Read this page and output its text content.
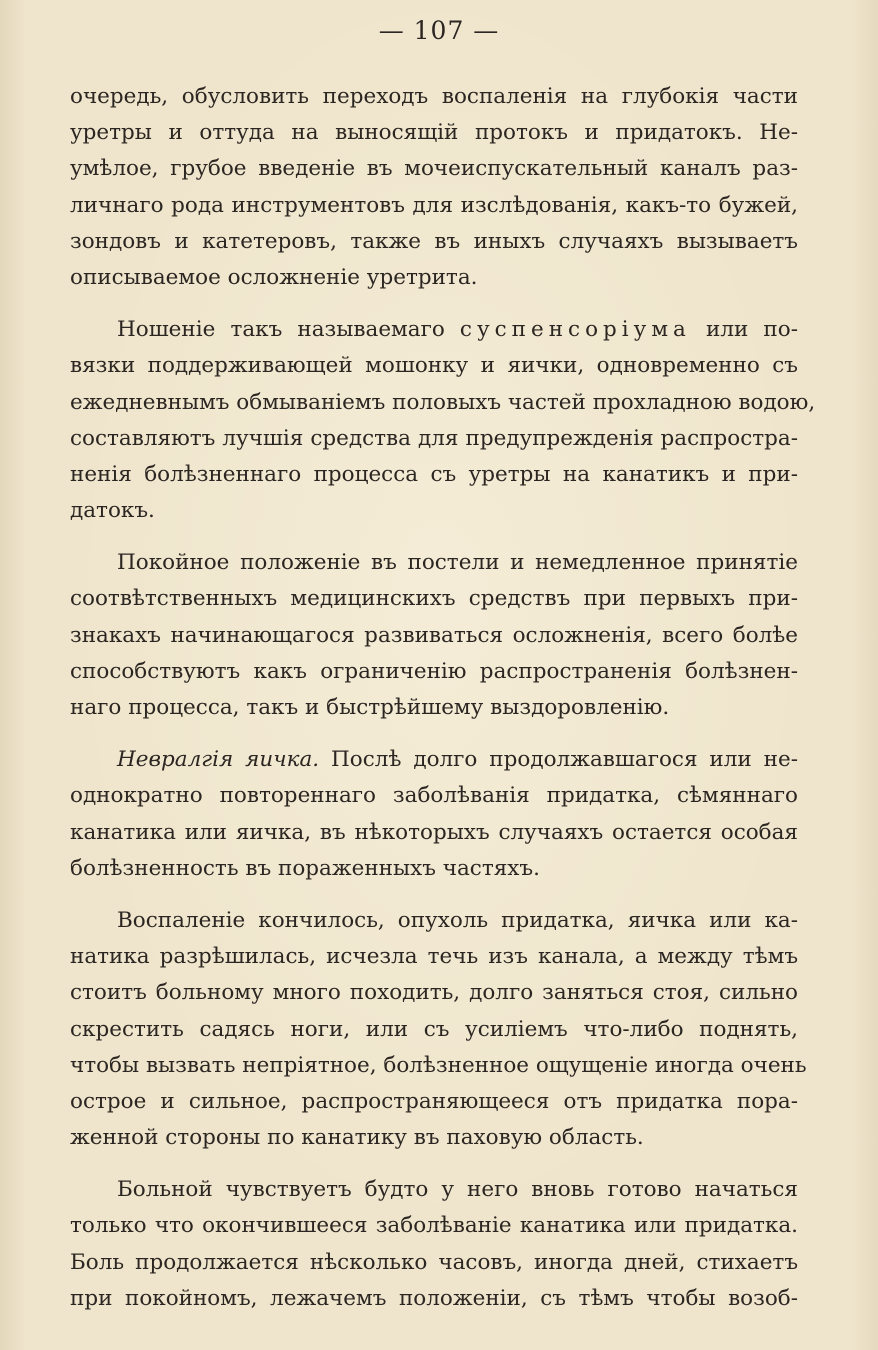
— 107 —

очередь, обусловить переходъ воспаленія на глубокія части
уретры и оттуда на выносящій протокъ и придатокъ. Не-
умѣлое, грубое введеніе въ мочеиспускательный каналъ раз-
личнаго рода инструментовъ для изслѣдованія, какъ-то бужей,
зондовъ и катетеровъ, также въ иныхъ случаяхъ вызываетъ
описываемое осложненіе уретрита.
Ношеніе такъ называемаго суспенсоріума или по-
вязки поддерживающей мошонку и яички, одновременно съ
ежедневнымъ обмываніемъ половыхъ частей прохладною водою,
составляютъ лучшія средства для предупрежденія распростра-
ненія болѣзненнаго процесса съ уретры на канатикъ и при-
датокъ.
Покойное положеніе въ постели и немедленное принятіе
соотвѣтственныхъ медицинскихъ средствъ при первыхъ при-
знакахъ начинающагося развиваться осложненія, всего болѣе
способствуютъ какъ ограниченію распространенія болѣзнен-
наго процесса, такъ и быстрѣйшему выздоровленію.
Невралгія яичка. Послѣ долго продолжавшагося или не-
однократно повтореннаго заболѣванія придатка, сѣмяннаго
канатика или яичка, въ нѣкоторыхъ случаяхъ остается особая
болѣзненность въ пораженныхъ частяхъ.
Воспаленіе кончилось, опухоль придатка, яичка или ка-
натика разрѣшилась, исчезла течь изъ канала, а между тѣмъ
стоитъ больному много походить, долго заняться стоя, сильно
скрестить садясь ноги, или съ усиліемъ что-либо поднять,
чтобы вызвать непріятное, болѣзненное ощущеніе иногда очень
острое и сильное, распространяющееся отъ придатка пора-
женной стороны по канатику въ паховую область.
Больной чувствуетъ будто у него вновь готово начаться
только что окончившееся заболѣваніе канатика или придатка.
Боль продолжается нѣсколько часовъ, иногда дней, стихаетъ
при покойномъ, лежачемъ положеніи, съ тѣмъ чтобы возоб-
